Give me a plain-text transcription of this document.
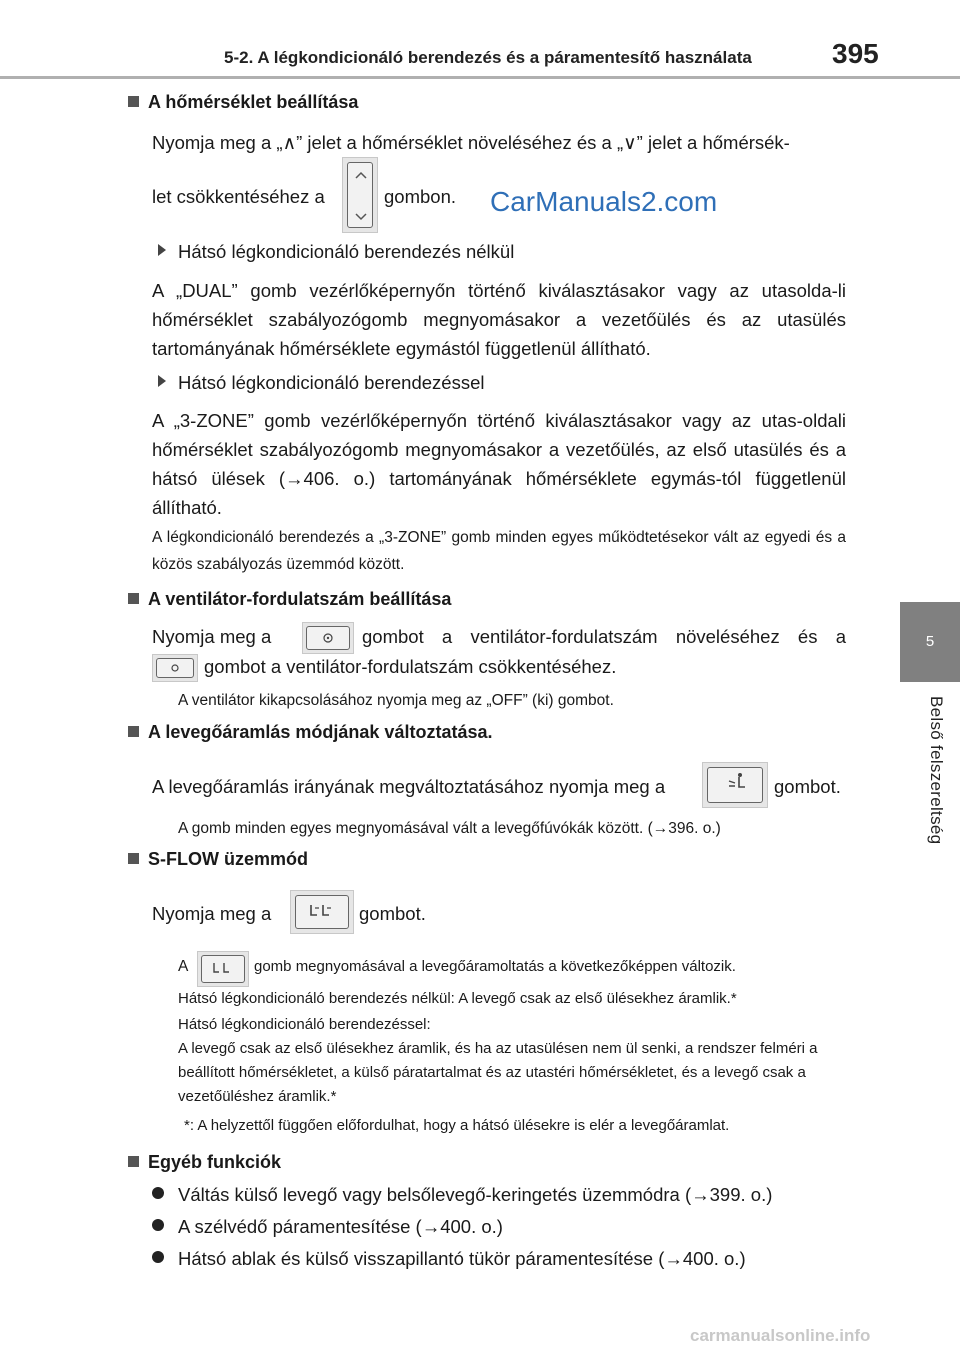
5-2. A légkondicionáló berendezés és a páramentesítő használata	395
5
Belső felszereltség
A hőmérséklet beállítása
Nyomja meg a „∧” jelet a hőmérséklet növeléséhez és a „∨” jelet a hőmérsék-
let csökkentéséhez a	gombon. CarManuals2.com
Hátsó légkondicionáló berendezés nélkül
A „DUAL” gomb vezérlőképernyőn történő kiválasztásakor vagy az utasolda-li hőmérséklet szabályozógomb megnyomásakor a vezetőülés és az utasülés tartományának hőmérséklete egymástól függetlenül állítható.
Hátsó légkondicionáló berendezéssel
A „3-ZONE” gomb vezérlőképernyőn történő kiválasztásakor vagy az utas-oldali hőmérséklet szabályozógomb megnyomásakor a vezetőülés, az első utasülés és a hátsó ülések (→406. o.) tartományának hőmérséklete egymás-tól függetlenül állítható.
A légkondicionáló berendezés a „3-ZONE” gomb minden egyes működtetésekor vált az egyedi és a közös szabályozás üzemmód között.
A ventilátor-fordulatszám beállítása
Nyomja meg a	gombot a ventilátor-fordulatszám növeléséhez és a
gombot a ventilátor-fordulatszám csökkentéséhez.
A ventilátor kikapcsolásához nyomja meg az „OFF” (ki) gombot.
A levegőáramlás módjának változtatása.
A levegőáramlás irányának megváltoztatásához nyomja meg a	gombot.
A gomb minden egyes megnyomásával vált a levegőfúvókák között. (→396. o.)
S-FLOW üzemmód
Nyomja meg a	gombot.
A	gomb megnyomásával a levegőáramoltatás a következőképpen változik.
Hátsó légkondicionáló berendezés nélkül: A levegő csak az első ülésekhez áramlik.*
Hátsó légkondicionáló berendezéssel:
A levegő csak az első ülésekhez áramlik, és ha az utasülésen nem ül senki, a rendszer felméri a beállított hőmérsékletet, a külső páratartalmat és az utastéri hőmérsékletet, és a levegő csak a vezetőüléshez áramlik.*
*: A helyzettől függően előfordulhat, hogy a hátsó ülésekre is elér a levegőáramlat.
Egyéb funkciók
Váltás külső levegő vagy belsőlevegő-keringetés üzemmódra (→399. o.)
A szélvédő páramentesítése (→400. o.)
Hátsó ablak és külső visszapillantó tükör páramentesítése (→400. o.)
carmanualsonline.info
